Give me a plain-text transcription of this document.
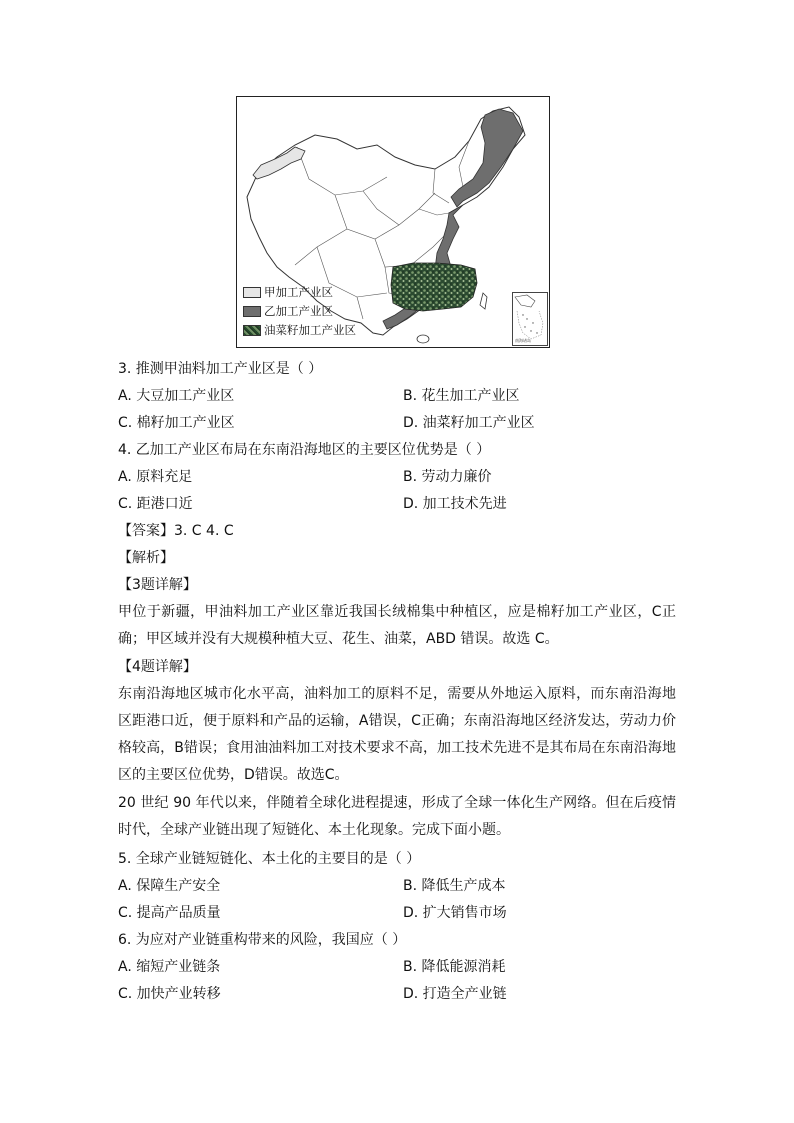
甲加工产业区
乙加工产业区
油菜籽加工产业区
南海诸岛
3. 推测甲油料加工产业区是（ ）
A. 大豆加工产业区	B. 花生加工产业区
C. 棉籽加工产业区	D. 油菜籽加工产业区
4. 乙加工产业区布局在东南沿海地区的主要区位优势是（ ）
A. 原料充足	B. 劳动力廉价
C. 距港口近	D. 加工技术先进
【答案】3. C 4. C
【解析】
【3题详解】
甲位于新疆，甲油料加工产业区靠近我国长绒棉集中种植区，应是棉籽加工产业区，C正确；甲区域并没有大规模种植大豆、花生、油菜，ABD 错误。故选 C。
【4题详解】
东南沿海地区城市化水平高，油料加工的原料不足，需要从外地运入原料，而东南沿海地区距港口近，便于原料和产品的运输，A错误，C正确；东南沿海地区经济发达，劳动力价格较高，B错误；食用油油料加工对技术要求不高，加工技术先进不是其布局在东南沿海地区的主要区位优势，D错误。故选C。
20 世纪 90 年代以来，伴随着全球化进程提速，形成了全球一体化生产网络。但在后疫情时代，全球产业链出现了短链化、本土化现象。完成下面小题。
5. 全球产业链短链化、本土化的主要目的是（ ）
A. 保障生产安全	B. 降低生产成本
C. 提高产品质量	D. 扩大销售市场
6. 为应对产业链重构带来的风险，我国应（ ）
A. 缩短产业链条	B. 降低能源消耗
C. 加快产业转移	D. 打造全产业链
